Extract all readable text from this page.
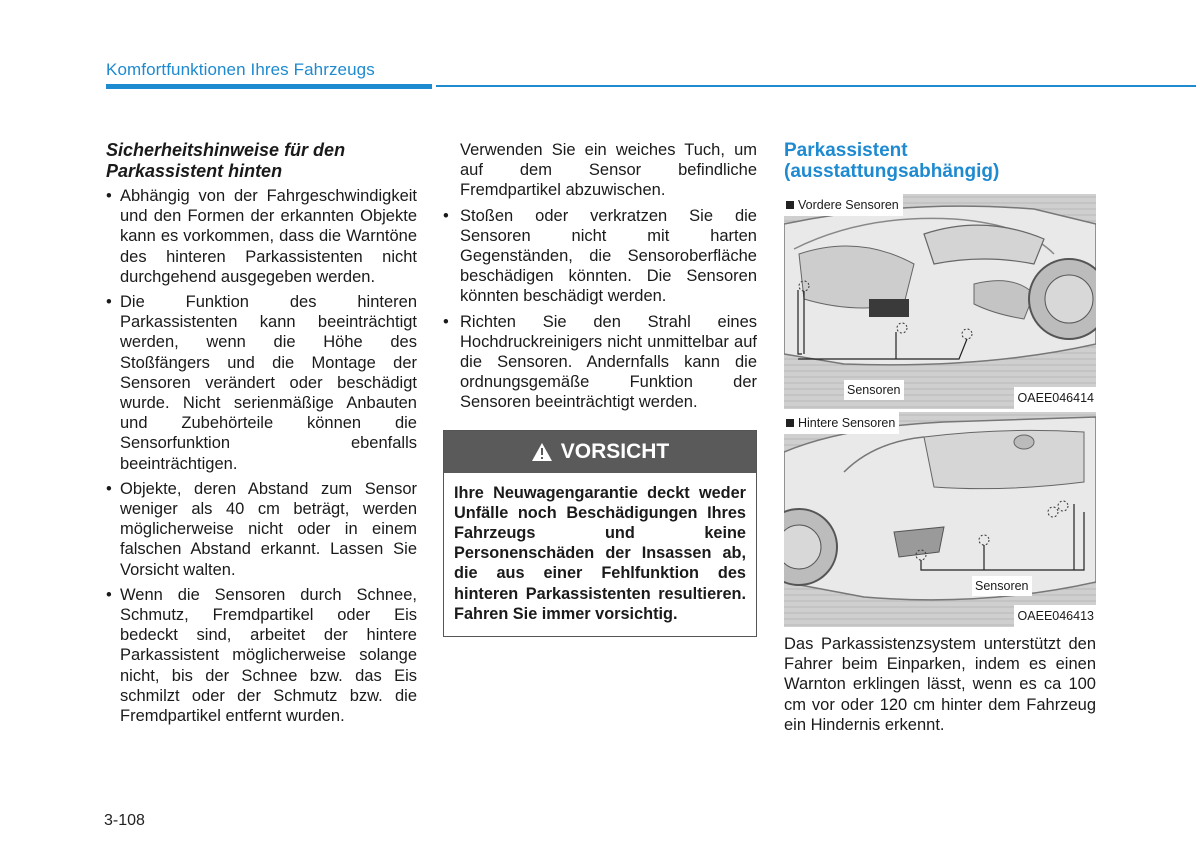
Komfortfunktionen Ihres Fahrzeugs
Sicherheitshinweise für den
Parkassistent hinten
• Abhängig von der Fahrgeschwindigkeit und den Formen der erkannten Objekte kann es vorkommen, dass die Warntöne des hinteren Parkassistenten nicht durchgehend ausgegeben werden.
• Die Funktion des hinteren Parkassistenten kann beeinträchtigt werden, wenn die Höhe des Stoßfängers und die Montage der Sensoren verändert oder beschädigt wurde. Nicht serienmäßige Anbauten und Zubehörteile können die Sensorfunktion ebenfalls beeinträchtigen.
• Objekte, deren Abstand zum Sensor weniger als 40 cm beträgt, werden möglicherweise nicht oder in einem falschen Abstand erkannt. Lassen Sie Vorsicht walten.
• Wenn die Sensoren durch Schnee, Schmutz, Fremdpartikel oder Eis bedeckt sind, arbeitet der hintere Parkassistent möglicherweise solange nicht, bis der Schnee bzw. das Eis schmilzt oder der Schmutz bzw. die Fremdpartikel entfernt wurden.

Verwenden Sie ein weiches Tuch, um auf dem Sensor befindliche Fremdpartikel abzuwischen.

• Stoßen oder verkratzen Sie die Sensoren nicht mit harten Gegenständen, die Sensoroberfläche beschädigen könnten. Die Sensoren könnten beschädigt werden.
• Richten Sie den Strahl eines Hochdruckreinigers nicht unmittelbar auf die Sensoren. Andernfalls kann die ordnungsgemäße Funktion der Sensoren beeinträchtigt werden.
VORSICHT
Ihre Neuwagengarantie deckt weder Unfälle noch Beschädigungen Ihres Fahrzeugs und keine Personenschäden der Insassen ab, die aus einer Fehlfunktion des hinteren Parkassistenten resultieren. Fahren Sie immer vorsichtig.
Parkassistent
(ausstattungsabhängig)
Vordere Sensoren
Sensoren
OAEE046414
Hintere Sensoren
Sensoren
OAEE046413

Das Parkassistenzsystem unterstützt den Fahrer beim Einparken, indem es einen Warnton erklingen lässt, wenn es ca 100 cm vor oder 120 cm hinter dem Fahrzeug ein Hindernis erkennt.

3-108
